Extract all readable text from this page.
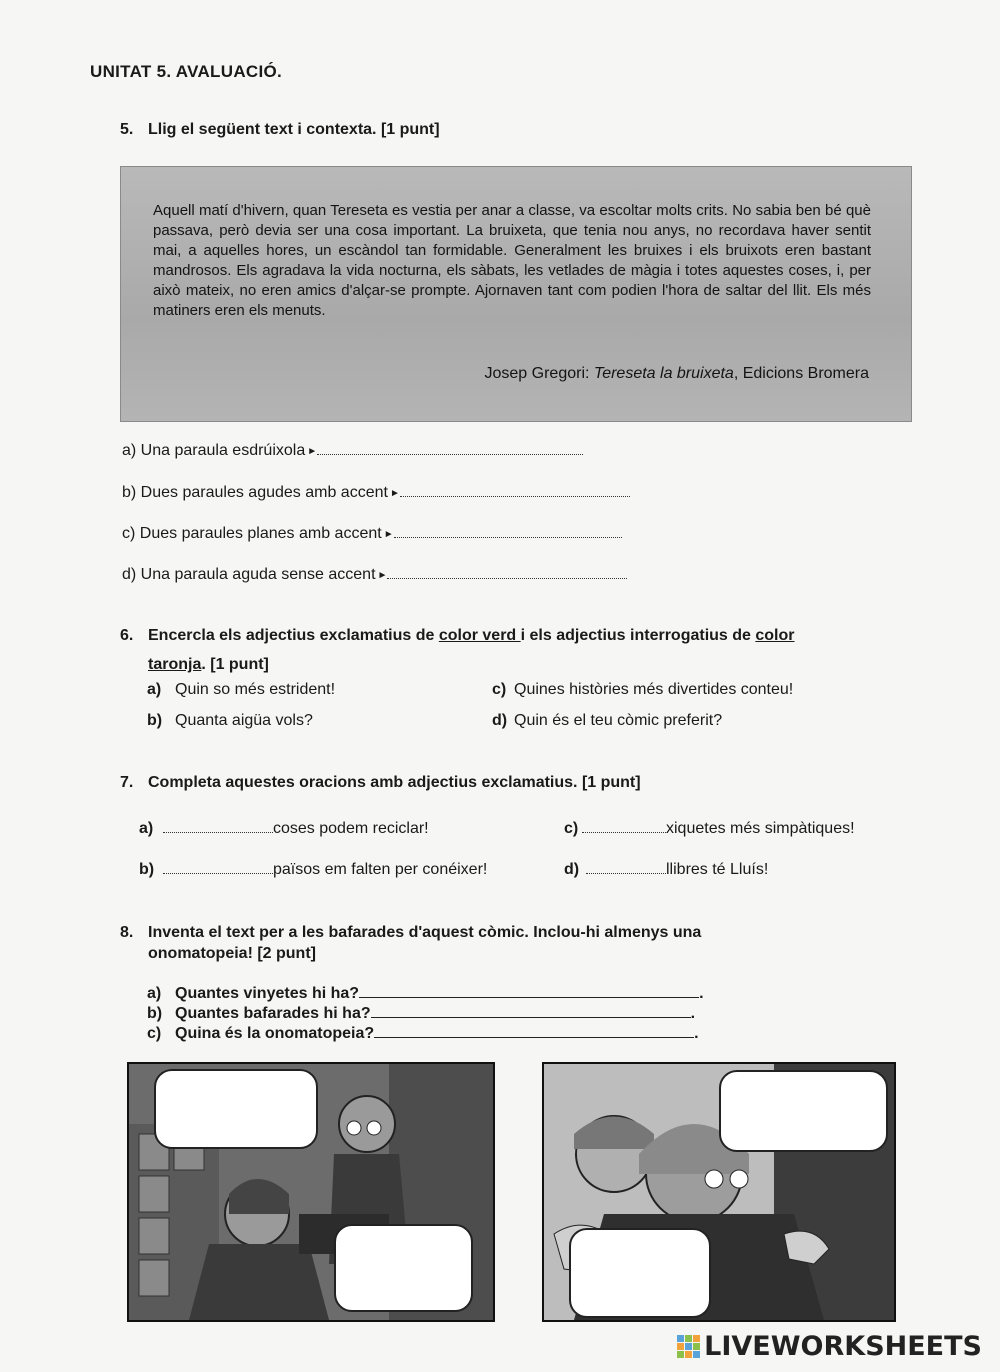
UNITAT 5. AVALUACIÓ.
5. Llig el següent text i contexta. [1 punt]
Aquell matí d'hivern, quan Tereseta es vestia per anar a classe, va escoltar molts crits. No sabia ben bé què passava, però devia ser una cosa important. La bruixeta, que tenia nou anys, no recordava haver sentit mai, a aquelles hores, un escàndol tan formidable. Generalment les bruixes i els bruixots eren bastant mandrosos. Els agradava la vida nocturna, els sàbats, les vetlades de màgia i totes aquestes coses, i, per això mateix, no eren amics d'alçar-se prompte. Ajornaven tant com podien l'hora de saltar del llit. Els més matiners eren els menuts.
Josep Gregori: Tereseta la bruixeta, Edicions Bromera
a) Una paraula esdrúixola ►
b) Dues paraules agudes amb accent ►
c) Dues paraules planes amb accent ►
d) Una paraula aguda sense accent ►
6. Encercla els adjectius exclamatius de color verd i els adjectius interrogatius de color
taronja. [1 punt]
a) Quin so més estrident!
b) Quanta aigüa vols?
c) Quines històries més divertides conteu!
d) Quin és el teu còmic preferit?
7. Completa aquestes oracions amb adjectius exclamatius. [1 punt]
a)	coses podem reciclar!	c)	xiquetes més simpàtiques!
b)	països em falten per conéixer!	d)	llibres té Lluís!
8. Inventa el text per a les bafarades d'aquest còmic. Inclou-hi almenys una
onomatopeia! [2 punt]
a) Quantes vinyetes hi ha?	.
b) Quantes bafarades hi ha?	.
c) Quina és la onomatopeia?	.
LIVEWORKSHEETS
